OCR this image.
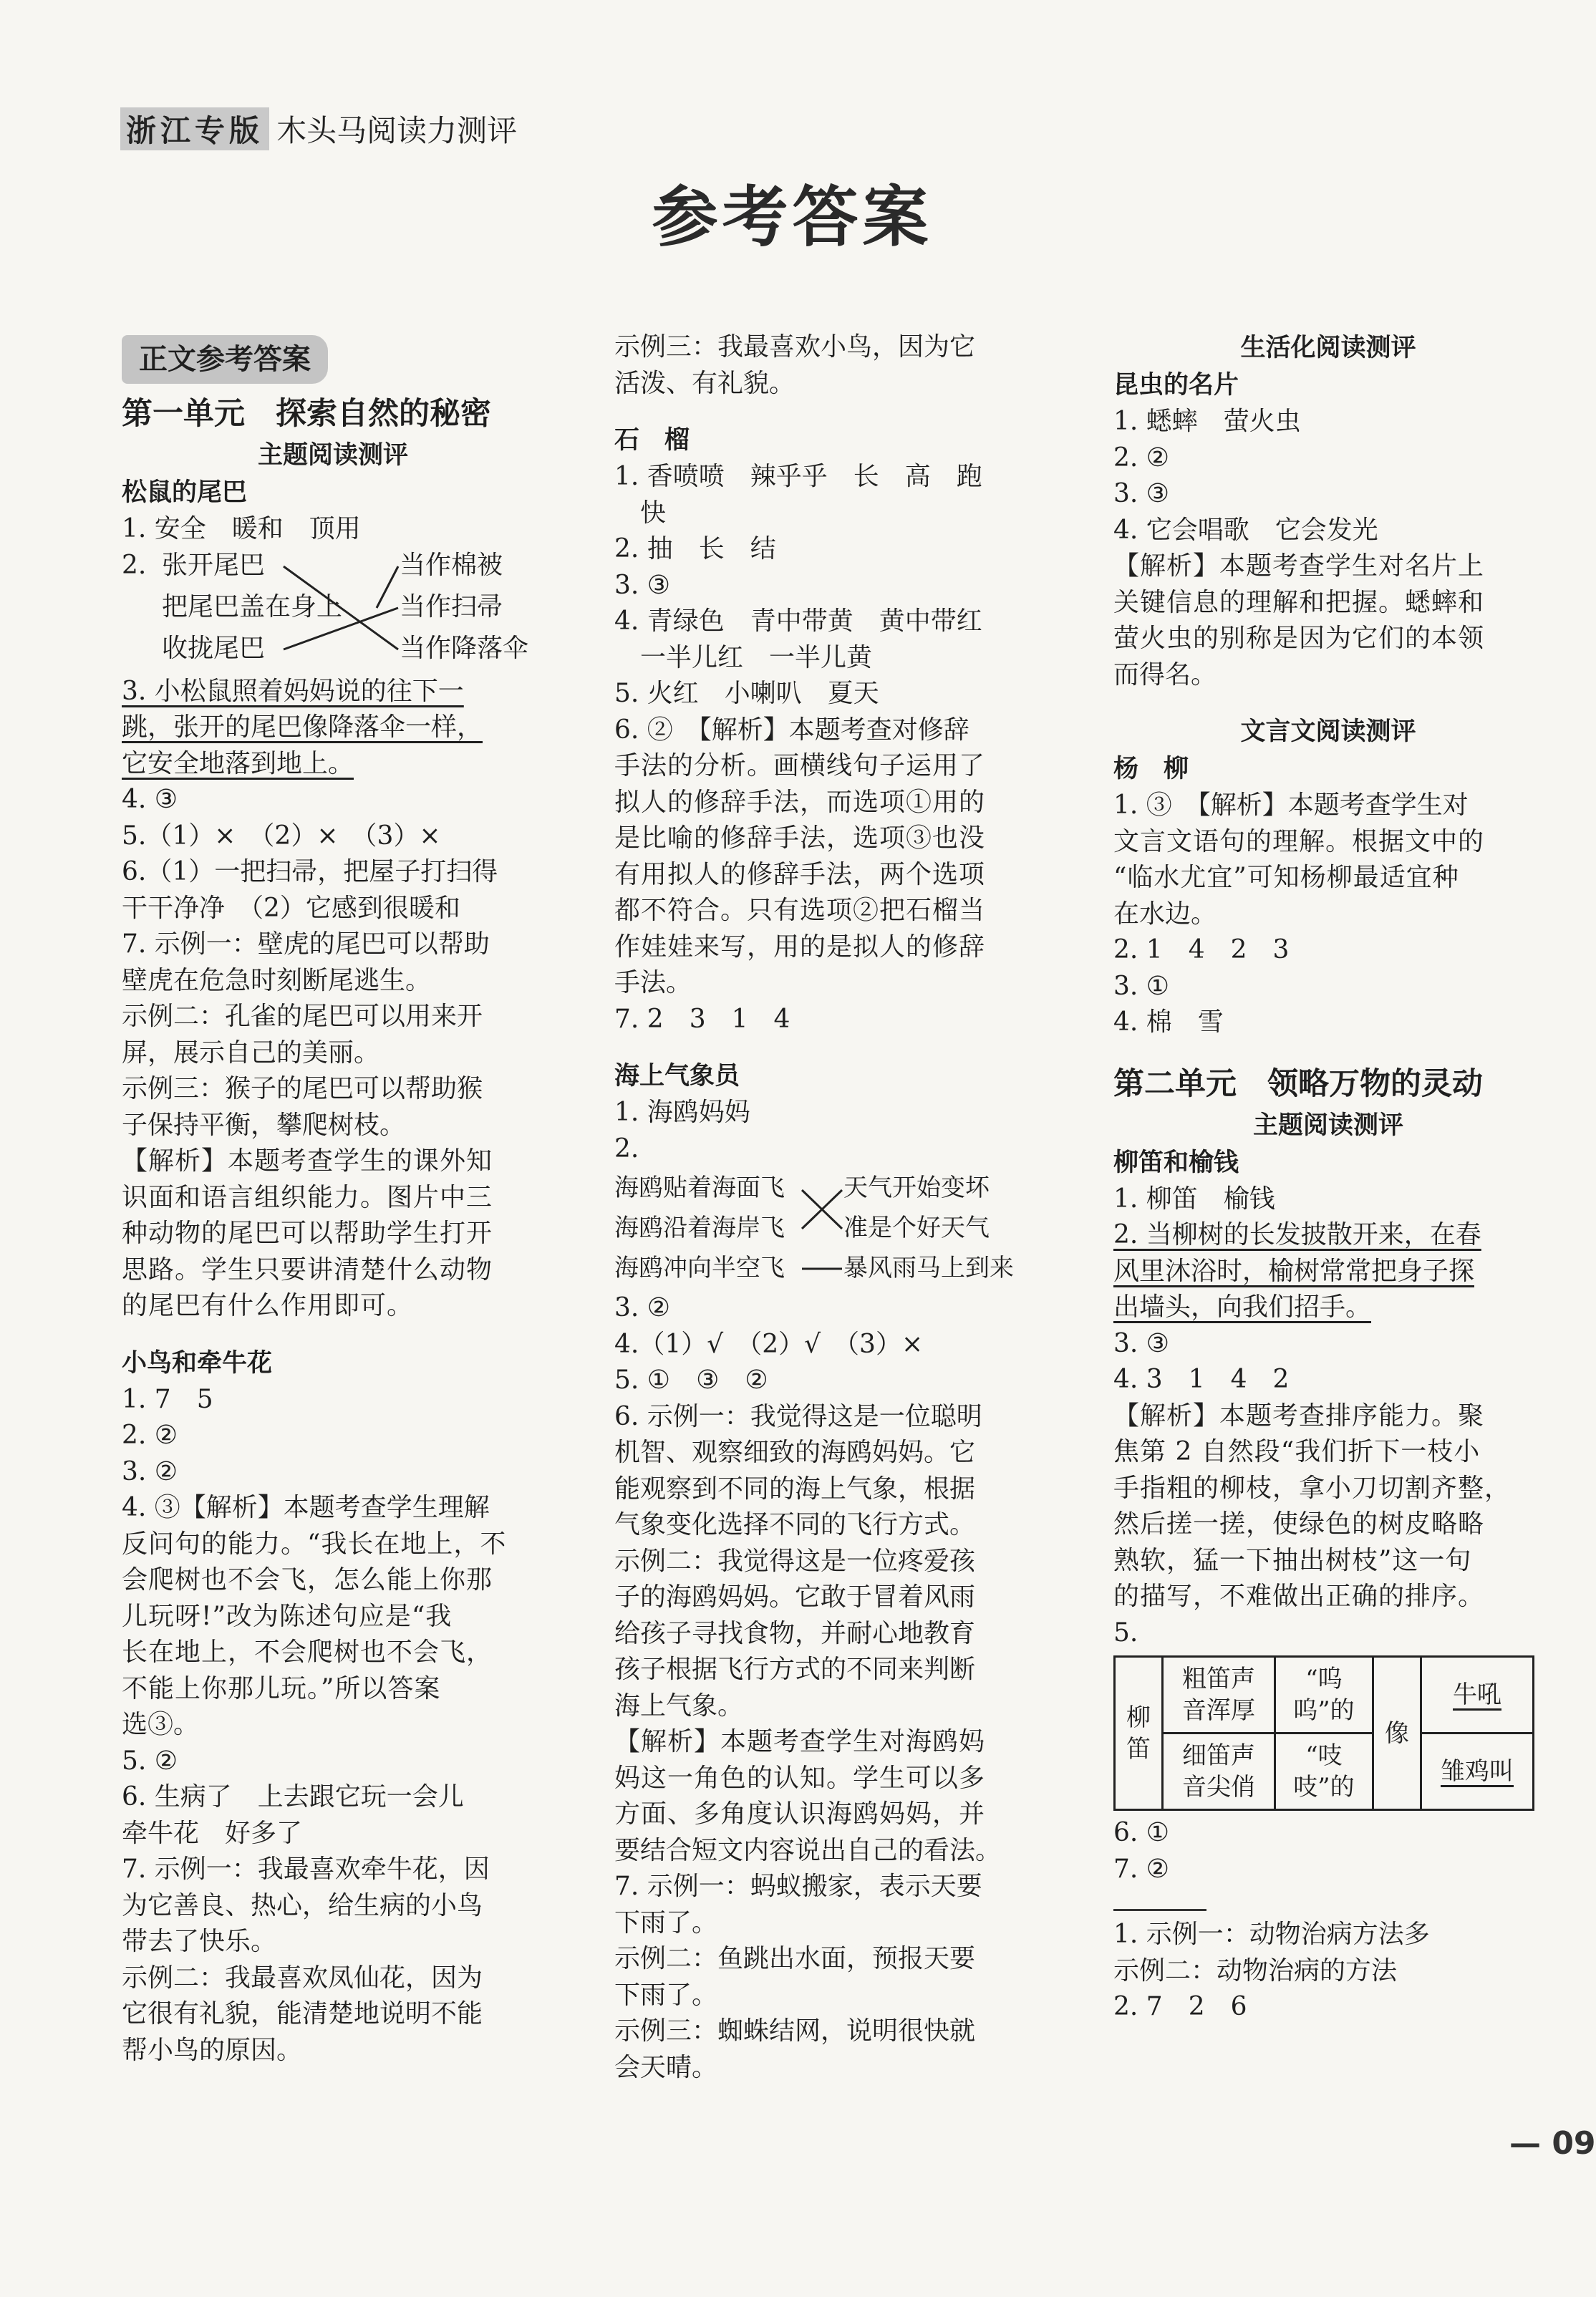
浙 江 专 版 木头马阅读力测评
参考答案
正文参考答案
第一单元　探索自然的秘密
主题阅读测评
松鼠的尾巴
1. 安全　暖和　顶用
2. 张开尾巴
把尾巴盖在身上
收拢尾巴
当作棉被
当作扫帚
当作降落伞
3. 小松鼠照着妈妈说的往下一
跳，张开的尾巴像降落伞一样，
它安全地落到地上。
4. ③
5.（1）×　（2）×　（3）×
6.（1）一把扫帚，把屋子打扫得
干干净净　（2）它感到很暖和
7. 示例一：壁虎的尾巴可以帮助
壁虎在危急时刻断尾逃生。
示例二：孔雀的尾巴可以用来开
屏，展示自己的美丽。
示例三：猴子的尾巴可以帮助猴
子保持平衡，攀爬树枝。
【解析】本题考查学生的课外知
识面和语言组织能力。图片中三
种动物的尾巴可以帮助学生打开
思路。学生只要讲清楚什么动物
的尾巴有什么作用即可。
小鸟和牵牛花
1. 7　5
2. ②
3. ②
4. ③【解析】本题考查学生理解
反问句的能力。“我长在地上，不
会爬树也不会飞，怎么能上你那
儿玩呀!”改为陈述句应是“我
长在地上，不会爬树也不会飞，
不能上你那儿玩。”所以答案
选③。
5. ②
6. 生病了　上去跟它玩一会儿
牵牛花　好多了
7. 示例一：我最喜欢牵牛花，因
为它善良、热心，给生病的小鸟
带去了快乐。
示例二：我最喜欢凤仙花，因为
它很有礼貌，能清楚地说明不能
帮小鸟的原因。
示例三：我最喜欢小鸟，因为它
活泼、有礼貌。
石　榴
1. 香喷喷　辣乎乎　长　高　跑
　快
2. 抽　长　结
3. ③
4. 青绿色　青中带黄　黄中带红
　一半儿红　一半儿黄
5. 火红　小喇叭　夏天
6. ②　【解析】本题考查对修辞
手法的分析。画横线句子运用了
拟人的修辞手法，而选项①用的
是比喻的修辞手法，选项③也没
有用拟人的修辞手法，两个选项
都不符合。只有选项②把石榴当
作娃娃来写，用的是拟人的修辞
手法。
7. 2　3　1　4
海上气象员
1. 海鸥妈妈
2.
海鸥贴着海面飞
海鸥沿着海岸飞
海鸥冲向半空飞
天气开始变坏
准是个好天气
暴风雨马上到来
3. ②
4.（1）√　（2）√　（3）×
5. ①　③　②
6. 示例一：我觉得这是一位聪明
机智、观察细致的海鸥妈妈。它
能观察到不同的海上气象，根据
气象变化选择不同的飞行方式。
示例二：我觉得这是一位疼爱孩
子的海鸥妈妈。它敢于冒着风雨
给孩子寻找食物，并耐心地教育
孩子根据飞行方式的不同来判断
海上气象。
【解析】本题考查学生对海鸥妈
妈这一角色的认知。学生可以多
方面、多角度认识海鸥妈妈，并
要结合短文内容说出自己的看法。
7. 示例一：蚂蚁搬家，表示天要
下雨了。
示例二：鱼跳出水面，预报天要
下雨了。
示例三：蜘蛛结网，说明很快就
会天晴。
生活化阅读测评
昆虫的名片
1. 蟋蟀　萤火虫
2. ②
3. ③
4. 它会唱歌　它会发光
【解析】本题考查学生对名片上
关键信息的理解和把握。蟋蟀和
萤火虫的别称是因为它们的本领
而得名。
文言文阅读测评
杨　柳
1. ③　【解析】本题考查学生对
文言文语句的理解。根据文中的
“临水尤宜”可知杨柳最适宜种
在水边。
2. 1　4　2　3
3. ①
4. 棉　雪
第二单元　领略万物的灵动
主题阅读测评
柳笛和榆钱
1. 柳笛　榆钱
2. 当柳树的长发披散开来，在春
风里沐浴时，榆树常常把身子探
出墙头，向我们招手。
3. ③
4. 3　1　4　2
【解析】本题考查排序能力。聚
焦第 2 自然段“我们折下一枝小
手指粗的柳枝，拿小刀切割齐整，
然后搓一搓，使绿色的树皮略略
熟软，猛一下抽出树枝”这一句
的描写，不难做出正确的排序。
5.
柳笛	粗笛声音浑厚	“呜呜”的	像	牛吼
	细笛声音尖俏	“吱吱”的		雏鸡叫
6. ①
7. ②
1. 示例一：动物治病方法多
示例二：动物治病的方法
2. 7　2　6
— 09
